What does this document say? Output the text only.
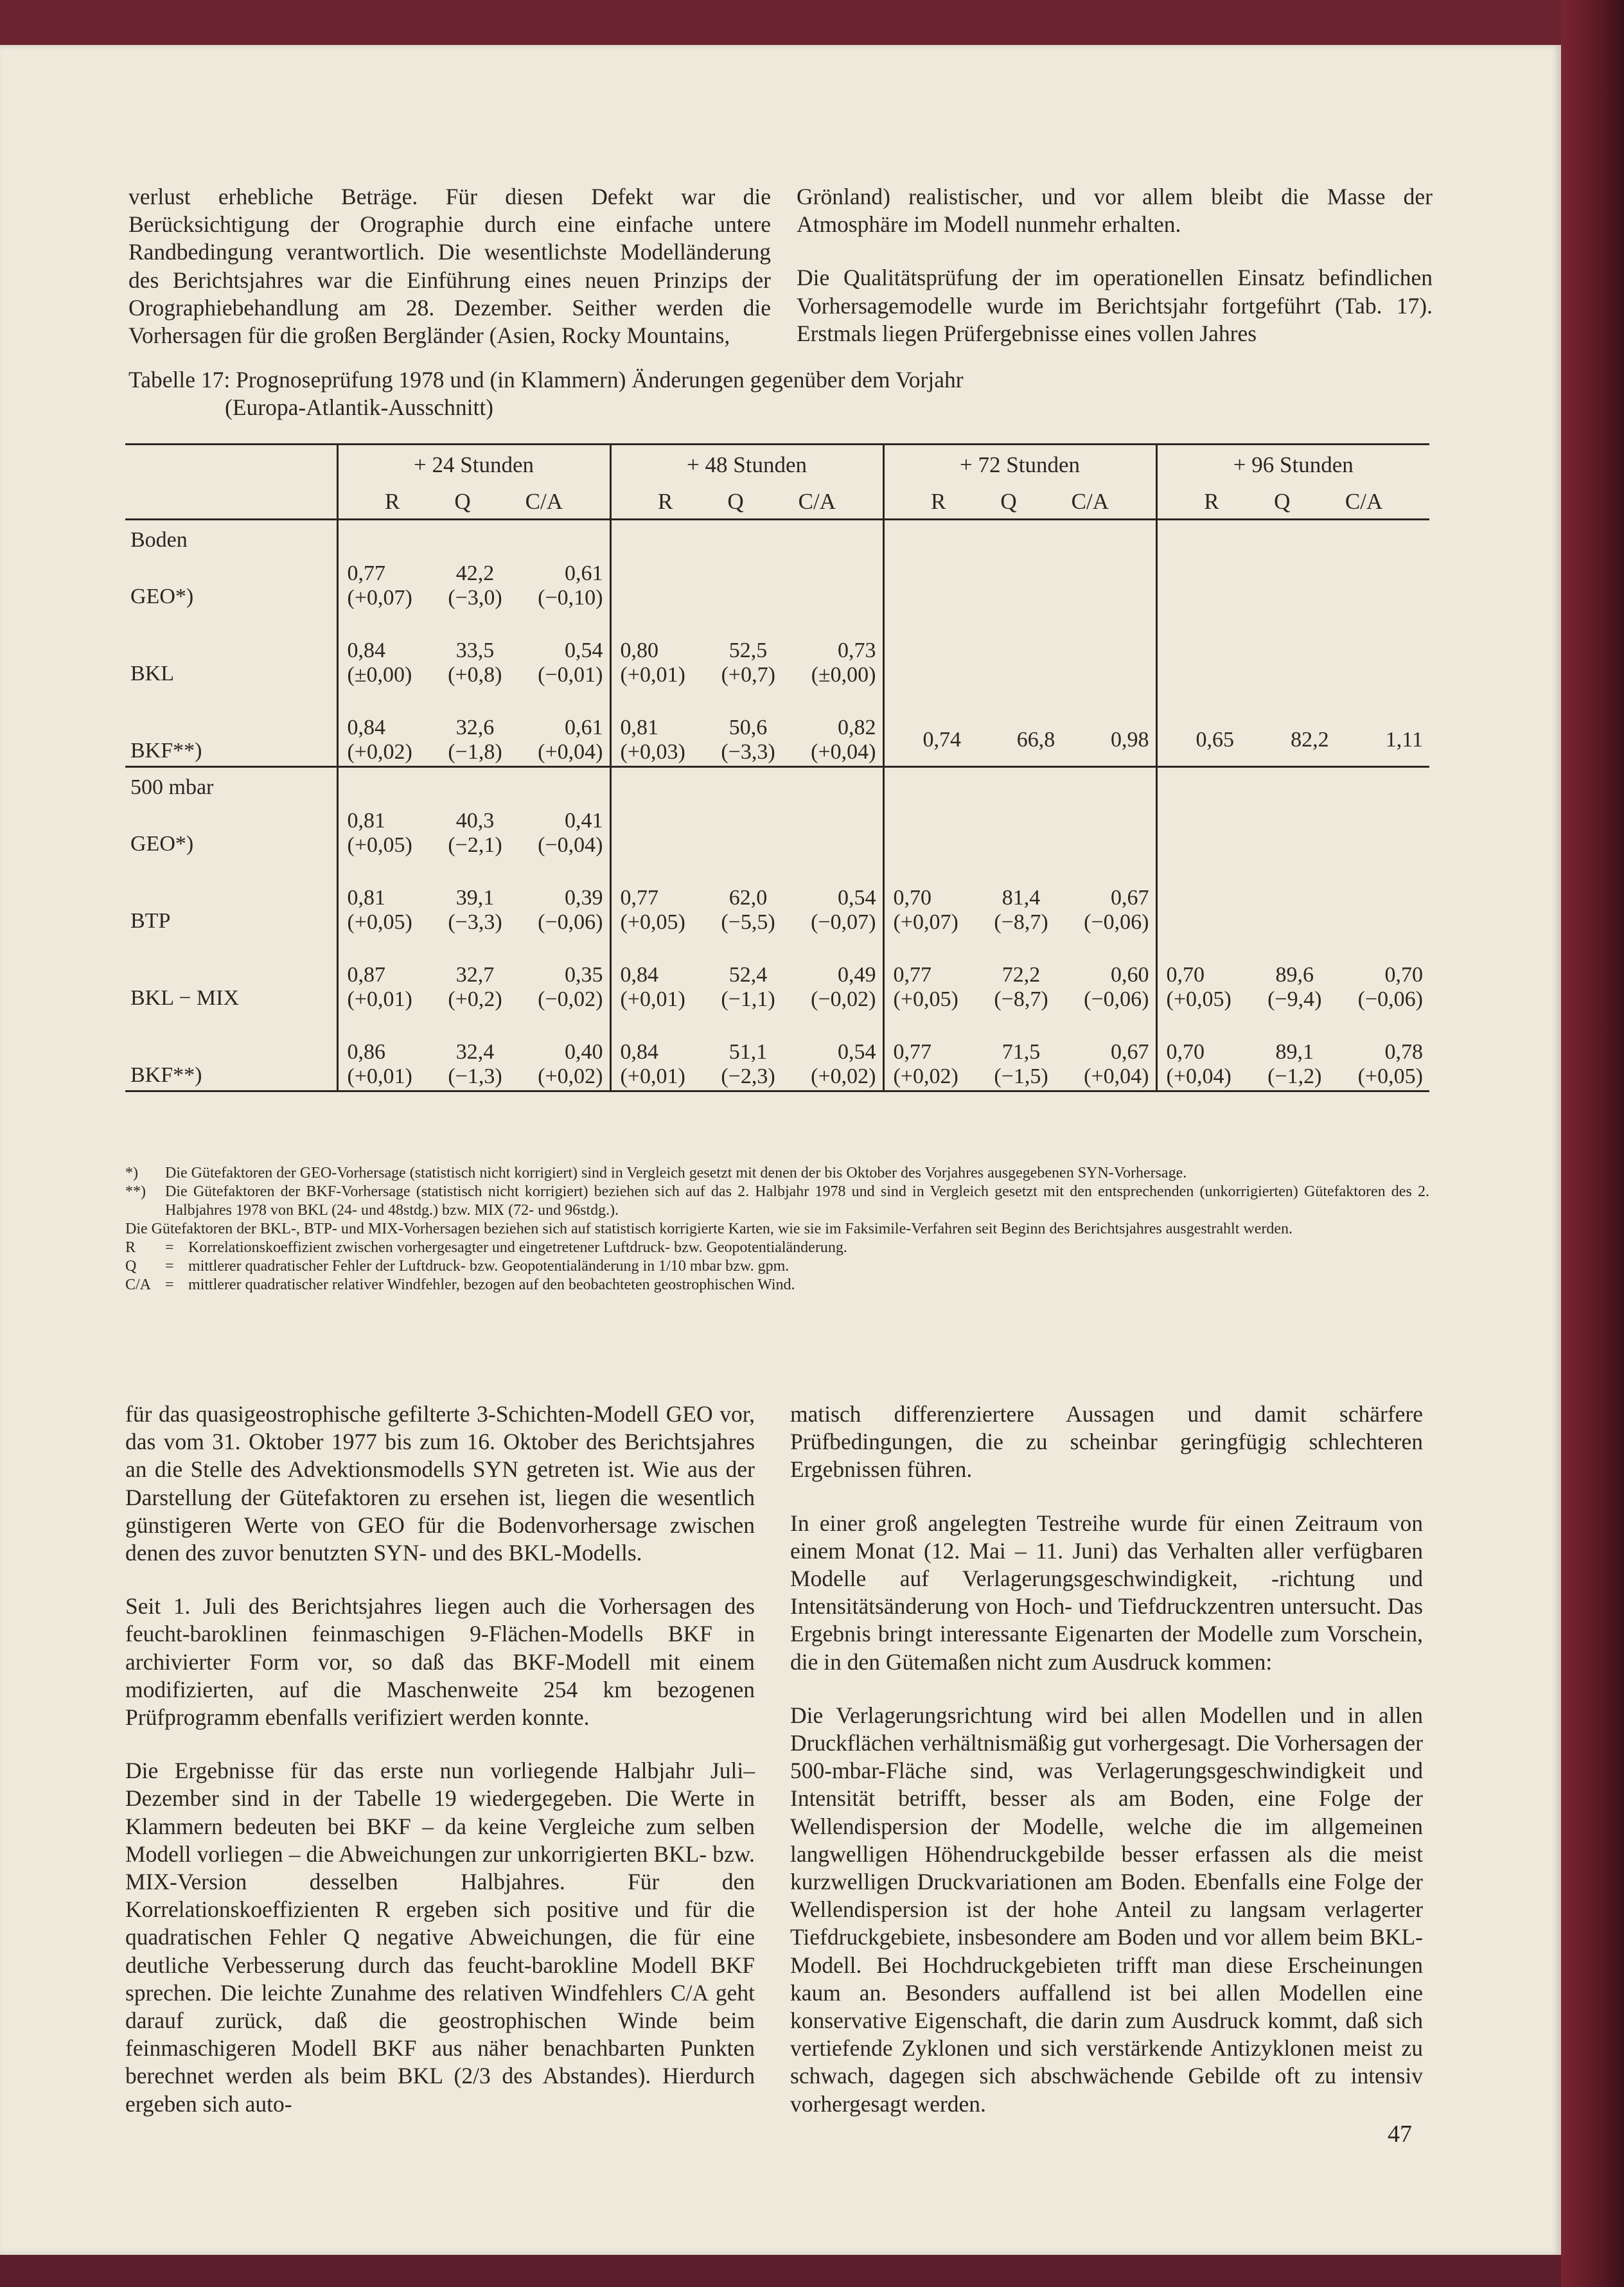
verlust erhebliche Beträge. Für diesen Defekt war die Berücksichtigung der Orographie durch eine einfache untere Randbedingung verantwortlich. Die wesentlichste Modelländerung des Berichtsjahres war die Einführung eines neuen Prinzips der Orographiebehandlung am 28. Dezember. Seither werden die Vorhersagen für die großen Bergländer (Asien, Rocky Mountains,

Grönland) realistischer, und vor allem bleibt die Masse der Atmosphäre im Modell nunmehr erhalten.

Die Qualitätsprüfung der im operationellen Einsatz befindlichen Vorhersagemodelle wurde im Berichtsjahr fortgeführt (Tab. 17). Erstmals liegen Prüfergebnisse eines vollen Jahres

Tabelle 17: Prognoseprüfung 1978 und (in Klammern) Änderungen gegenüber dem Vorjahr
(Europa-Atlantik-Ausschnitt)
	+ 24 Stunden	+ 48 Stunden	+ 72 Stunden	+ 96 Stunden

	R Q C/A	R Q C/A	R Q C/A	R Q C/A

Boden				
GEO*)	0,77 42,2 0,61			

	(+0,07) (−3,0) (−0,10)			

BKL	0,84 33,5 0,54	0,80 52,5 0,73		

	(±0,00) (+0,8) (−0,01)	(+0,01) (+0,7) (±0,00)		

BKF**)	0,84 32,6 0,61	0,81 50,6 0,82	0,74 66,8 0,98	0,65 82,2 1,11

	(+0,02) (−1,8) (+0,04)	(+0,03) (−3,3) (+0,04)		

500 mbar				
GEO*)	0,81 40,3 0,41			

	(+0,05) (−2,1) (−0,04)			

BTP	0,81 39,1 0,39	0,77 62,0 0,54	0,70 81,4 0,67	

	(+0,05) (−3,3) (−0,06)	(+0,05) (−5,5) (−0,07)	(+0,07) (−8,7) (−0,06)	

BKL − MIX	0,87 32,7 0,35	0,84 52,4 0,49	0,77 72,2 0,60	0,70 89,6 0,70

	(+0,01) (+0,2) (−0,02)	(+0,01) (−1,1) (−0,02)	(+0,05) (−8,7) (−0,06)	(+0,05) (−9,4) (−0,06)

BKF**)	0,86 32,4 0,40	0,84 51,1 0,54	0,77 71,5 0,67	0,70 89,1 0,78

	(+0,01) (−1,3) (+0,02)	(+0,01) (−2,3) (+0,02)	(+0,02) (−1,5) (+0,04)	(+0,04) (−1,2) (+0,05)
*)	Die Gütefaktoren der GEO-Vorhersage (statistisch nicht korrigiert) sind in Vergleich gesetzt mit denen der bis Oktober des Vorjahres ausgegebenen SYN-Vorhersage.
**)	Die Gütefaktoren der BKF-Vorhersage (statistisch nicht korrigiert) beziehen sich auf das 2. Halbjahr 1978 und sind in Vergleich gesetzt mit den entsprechenden (unkorrigierten) Gütefaktoren des 2. Halbjahres 1978 von BKL (24- und 48stdg.) bzw. MIX (72- und 96stdg.).
Die Gütefaktoren der BKL-, BTP- und MIX-Vorhersagen beziehen sich auf statistisch korrigierte Karten, wie sie im Faksimile-Verfahren seit Beginn des Berichtsjahres ausgestrahlt werden.
R	= Korrelationskoeffizient zwischen vorhergesagter und eingetretener Luftdruck- bzw. Geopotentialänderung.
Q	= mittlerer quadratischer Fehler der Luftdruck- bzw. Geopotentialänderung in 1/10 mbar bzw. gpm.
C/A = mittlerer quadratischer relativer Windfehler, bezogen auf den beobachteten geostrophischen Wind.

für das quasigeostrophische gefilterte 3-Schichten-Modell GEO vor, das vom 31. Oktober 1977 bis zum 16. Oktober des Berichtsjahres an die Stelle des Advektionsmodells SYN getreten ist. Wie aus der Darstellung der Gütefaktoren zu ersehen ist, liegen die wesentlich günstigeren Werte von GEO für die Bodenvorhersage zwischen denen des zuvor benutzten SYN- und des BKL-Modells.

Seit 1. Juli des Berichtsjahres liegen auch die Vorhersagen des feucht-baroklinen feinmaschigen 9-Flächen-Modells BKF in archivierter Form vor, so daß das BKF-Modell mit einem modifizierten, auf die Maschenweite 254 km bezogenen Prüfprogramm ebenfalls verifiziert werden konnte.

Die Ergebnisse für das erste nun vorliegende Halbjahr Juli–Dezember sind in der Tabelle 19 wiedergegeben. Die Werte in Klammern bedeuten bei BKF – da keine Vergleiche zum selben Modell vorliegen – die Abweichungen zur unkorrigierten BKL- bzw. MIX-Version desselben Halbjahres. Für den Korrelationskoeffizienten R ergeben sich positive und für die quadratischen Fehler Q negative Abweichungen, die für eine deutliche Verbesserung durch das feucht-barokline Modell BKF sprechen. Die leichte Zunahme des relativen Windfehlers C/A geht darauf zurück, daß die geostrophischen Winde beim feinmaschigeren Modell BKF aus näher benachbarten Punkten berechnet werden als beim BKL (2/3 des Abstandes). Hierdurch ergeben sich auto-

matisch differenziertere Aussagen und damit schärfere Prüfbedingungen, die zu scheinbar geringfügig schlechteren Ergebnissen führen.

In einer groß angelegten Testreihe wurde für einen Zeitraum von einem Monat (12. Mai – 11. Juni) das Verhalten aller verfügbaren Modelle auf Verlagerungsgeschwindigkeit, -richtung und Intensitätsänderung von Hoch- und Tiefdruckzentren untersucht. Das Ergebnis bringt interessante Eigenarten der Modelle zum Vorschein, die in den Gütemaßen nicht zum Ausdruck kommen:

Die Verlagerungsrichtung wird bei allen Modellen und in allen Druckflächen verhältnismäßig gut vorhergesagt. Die Vorhersagen der 500-mbar-Fläche sind, was Verlagerungsgeschwindigkeit und Intensität betrifft, besser als am Boden, eine Folge der Wellendispersion der Modelle, welche die im allgemeinen langwelligen Höhendruckgebilde besser erfassen als die meist kurzwelligen Druckvariationen am Boden. Ebenfalls eine Folge der Wellendispersion ist der hohe Anteil zu langsam verlagerter Tiefdruckgebiete, insbesondere am Boden und vor allem beim BKL-Modell. Bei Hochdruckgebieten trifft man diese Erscheinungen kaum an. Besonders auffallend ist bei allen Modellen eine konservative Eigenschaft, die darin zum Ausdruck kommt, daß sich vertiefende Zyklonen und sich verstärkende Antizyklonen meist zu schwach, dagegen sich abschwächende Gebilde oft zu intensiv vorhergesagt werden.

47
